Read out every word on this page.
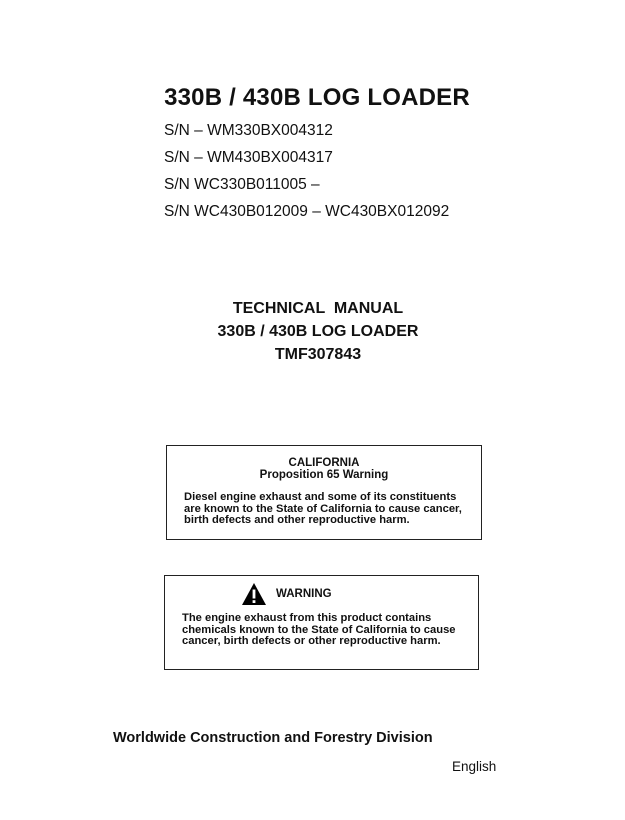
330B / 430B LOG LOADER
S/N – WM330BX004312
S/N – WM430BX004317
S/N WC330B011005 –
S/N WC430B012009 – WC430BX012092
TECHNICAL  MANUAL
330B / 430B LOG LOADER
TMF307843
CALIFORNIA
Proposition 65 Warning
Diesel engine exhaust and some of its constituents
are known to the State of California to cause cancer,
birth defects and other reproductive harm.
WARNING
The engine exhaust from this product contains
chemicals known to the State of California to cause
cancer, birth defects or other reproductive harm.

Worldwide Construction and Forestry Division

English
